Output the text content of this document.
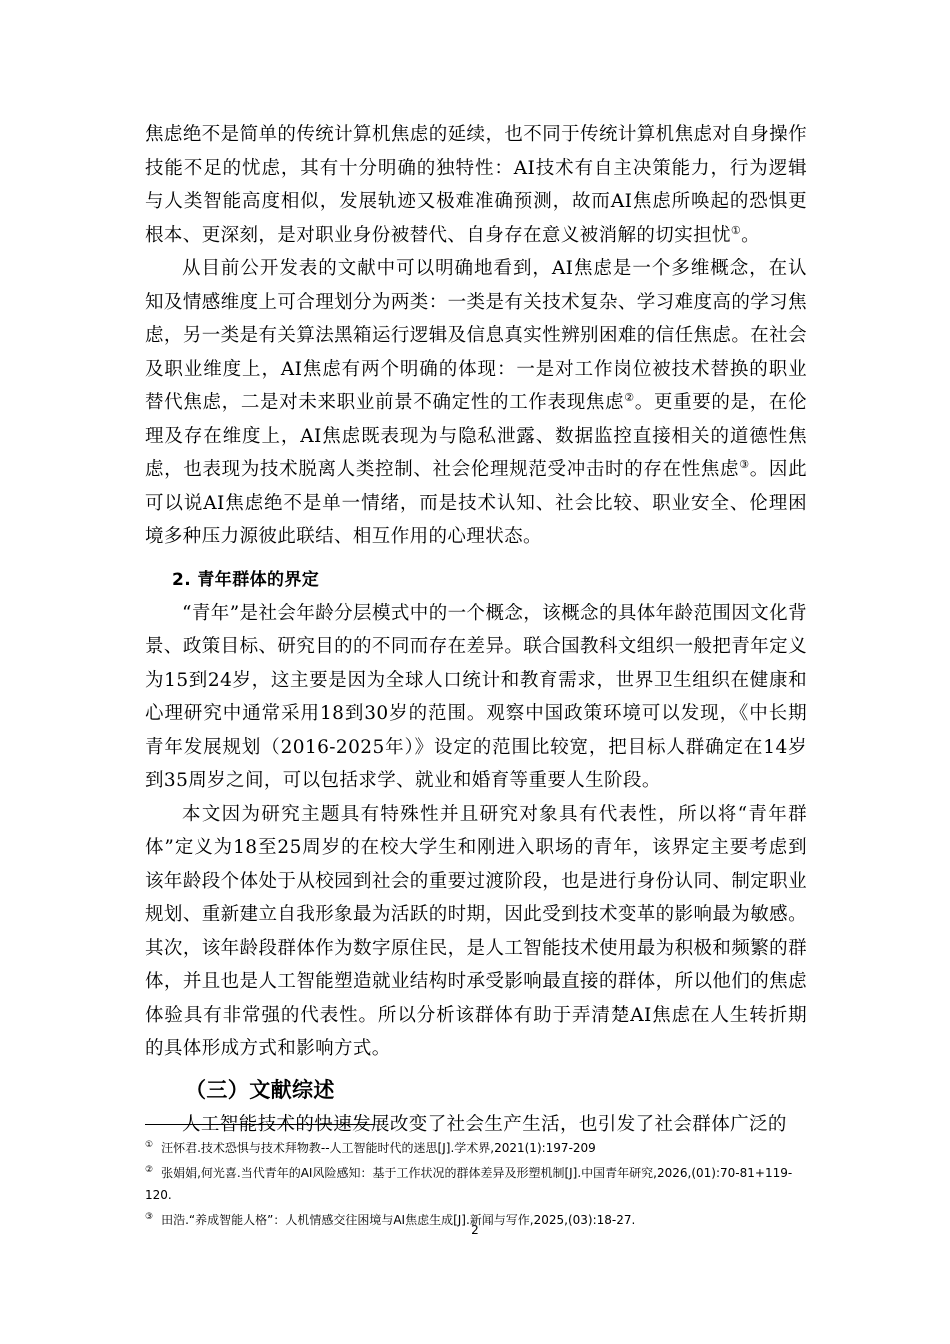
焦虑绝不是简单的传统计算机焦虑的延续，也不同于传统计算机焦虑对自身操作技能不足的忧虑，其有十分明确的独特性：AI技术有自主决策能力，行为逻辑与人类智能高度相似，发展轨迹又极难准确预测，故而AI焦虑所唤起的恐惧更根本、更深刻，是对职业身份被替代、自身存在意义被消解的切实担忧①。

从目前公开发表的文献中可以明确地看到，AI焦虑是一个多维概念，在认知及情感维度上可合理划分为两类：一类是有关技术复杂、学习难度高的学习焦虑，另一类是有关算法黑箱运行逻辑及信息真实性辨别困难的信任焦虑。在社会及职业维度上，AI焦虑有两个明确的体现：一是对工作岗位被技术替换的职业替代焦虑，二是对未来职业前景不确定性的工作表现焦虑②。更重要的是，在伦理及存在维度上，AI焦虑既表现为与隐私泄露、数据监控直接相关的道德性焦虑，也表现为技术脱离人类控制、社会伦理规范受冲击时的存在性焦虑③。因此可以说AI焦虑绝不是单一情绪，而是技术认知、社会比较、职业安全、伦理困境多种压力源彼此联结、相互作用的心理状态。

2. 青年群体的界定

“青年”是社会年龄分层模式中的一个概念，该概念的具体年龄范围因文化背景、政策目标、研究目的的不同而存在差异。联合国教科文组织一般把青年定义为15到24岁，这主要是因为全球人口统计和教育需求，世界卫生组织在健康和心理研究中通常采用18到30岁的范围。观察中国政策环境可以发现，《中长期青年发展规划（2016-2025年）》设定的范围比较宽，把目标人群确定在14岁到35周岁之间，可以包括求学、就业和婚育等重要人生阶段。

本文因为研究主题具有特殊性并且研究对象具有代表性，所以将“青年群体”定义为18至25周岁的在校大学生和刚进入职场的青年，该界定主要考虑到该年龄段个体处于从校园到社会的重要过渡阶段，也是进行身份认同、制定职业规划、重新建立自我形象最为活跃的时期，因此受到技术变革的影响最为敏感。其次，该年龄段群体作为数字原住民，是人工智能技术使用最为积极和频繁的群体，并且也是人工智能塑造就业结构时承受影响最直接的群体，所以他们的焦虑体验具有非常强的代表性。所以分析该群体有助于弄清楚AI焦虑在人生转折期的具体形成方式和影响方式。

（三）文献综述

人工智能技术的快速发展改变了社会生产生活，也引发了社会群体广泛的

① 汪怀君.技术恐惧与技术拜物教--人工智能时代的迷思[J].学术界,2021(1):197-209

② 张娟娟,何光喜.当代青年的AI风险感知：基于工作状况的群体差异及形塑机制[J].中国青年研究,2026,(01):70-81+119-120.

③ 田浩.“养成智能人格”：人机情感交往困境与AI焦虑生成[J].新闻与写作,2025,(03):18-27.

2
